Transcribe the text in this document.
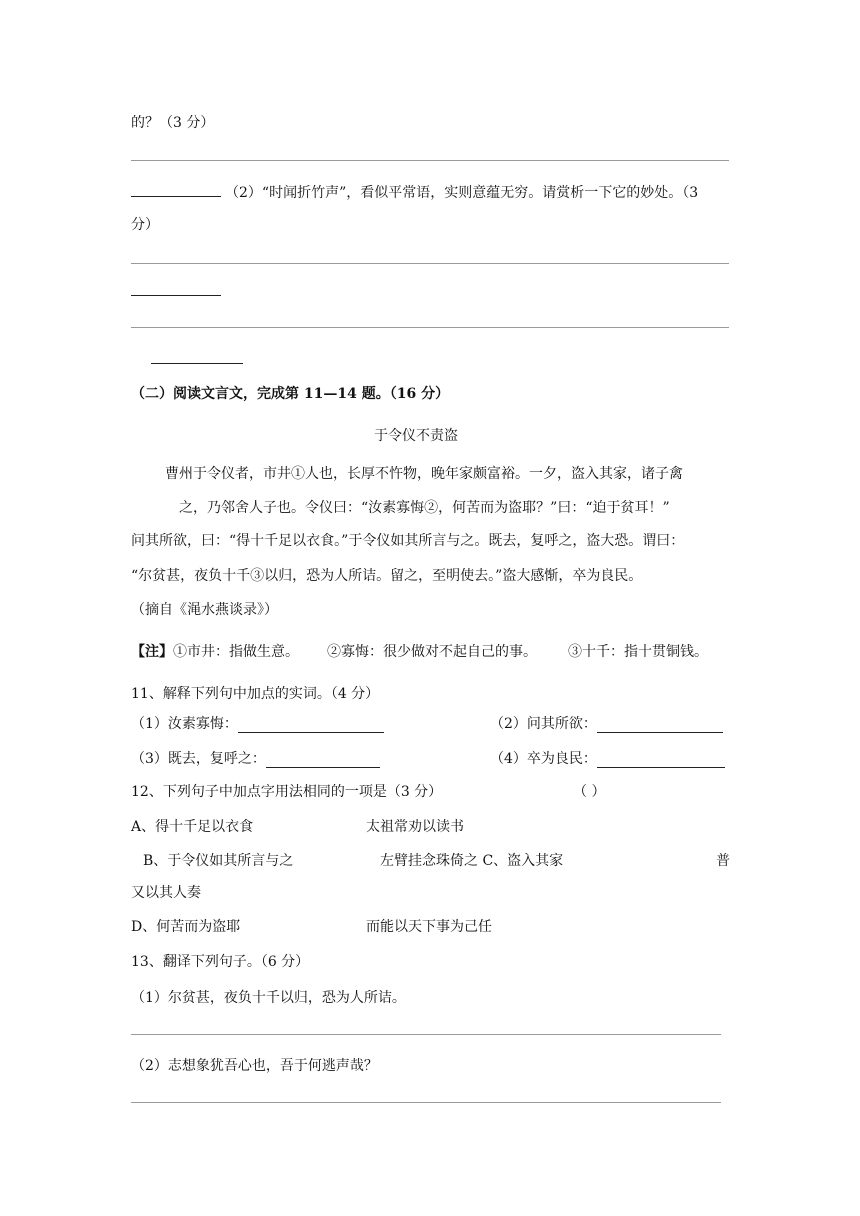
的？（3 分）
（2）“时闻折竹声”，看似平常语，实则意蕴无穷。请赏析一下它的妙处。（3
分）
（二）阅读文言文，完成第 11—14 题。（16 分）
于令仪不责盗
曹州于令仪者，市井①人也，长厚不忤物，晚年家颇富裕。一夕，盗入其家，诸子禽
之，乃邻舍人子也。令仪曰：“汝素寡悔②，何苦而为盗耶？”曰：“迫于贫耳！”
问其所欲，曰：“得十千足以衣食。”于令仪如其所言与之。既去，复呼之，盗大恐。谓曰：
“尔贫甚，夜负十千③以归，恐为人所诘。留之，至明使去。”盗大感惭，卒为良民。
（摘自《渑水燕谈录》）
【注】①市井：指做生意。 ②寡悔：很少做对不起自己的事。 ③十千：指十贯铜钱。
11、解释下列句中加点的实词。（4 分）
（1）汝素寡悔：	（2）问其所欲：
（3）既去，复呼之：	（4）卒为良民：
12、下列句子中加点字用法相同的一项是（3 分）	（ ）
A、得十千足以衣食	太祖常劝以读书
B、于令仪如其所言与之	左臂挂念珠倚之 C、盗入其家	普
又以其人奏
D、何苦而为盗耶	而能以天下事为己任
13、翻译下列句子。（6 分）
（1）尔贫甚，夜负十千以归，恐为人所诘。
（2）志想象犹吾心也，吾于何逃声哉？
